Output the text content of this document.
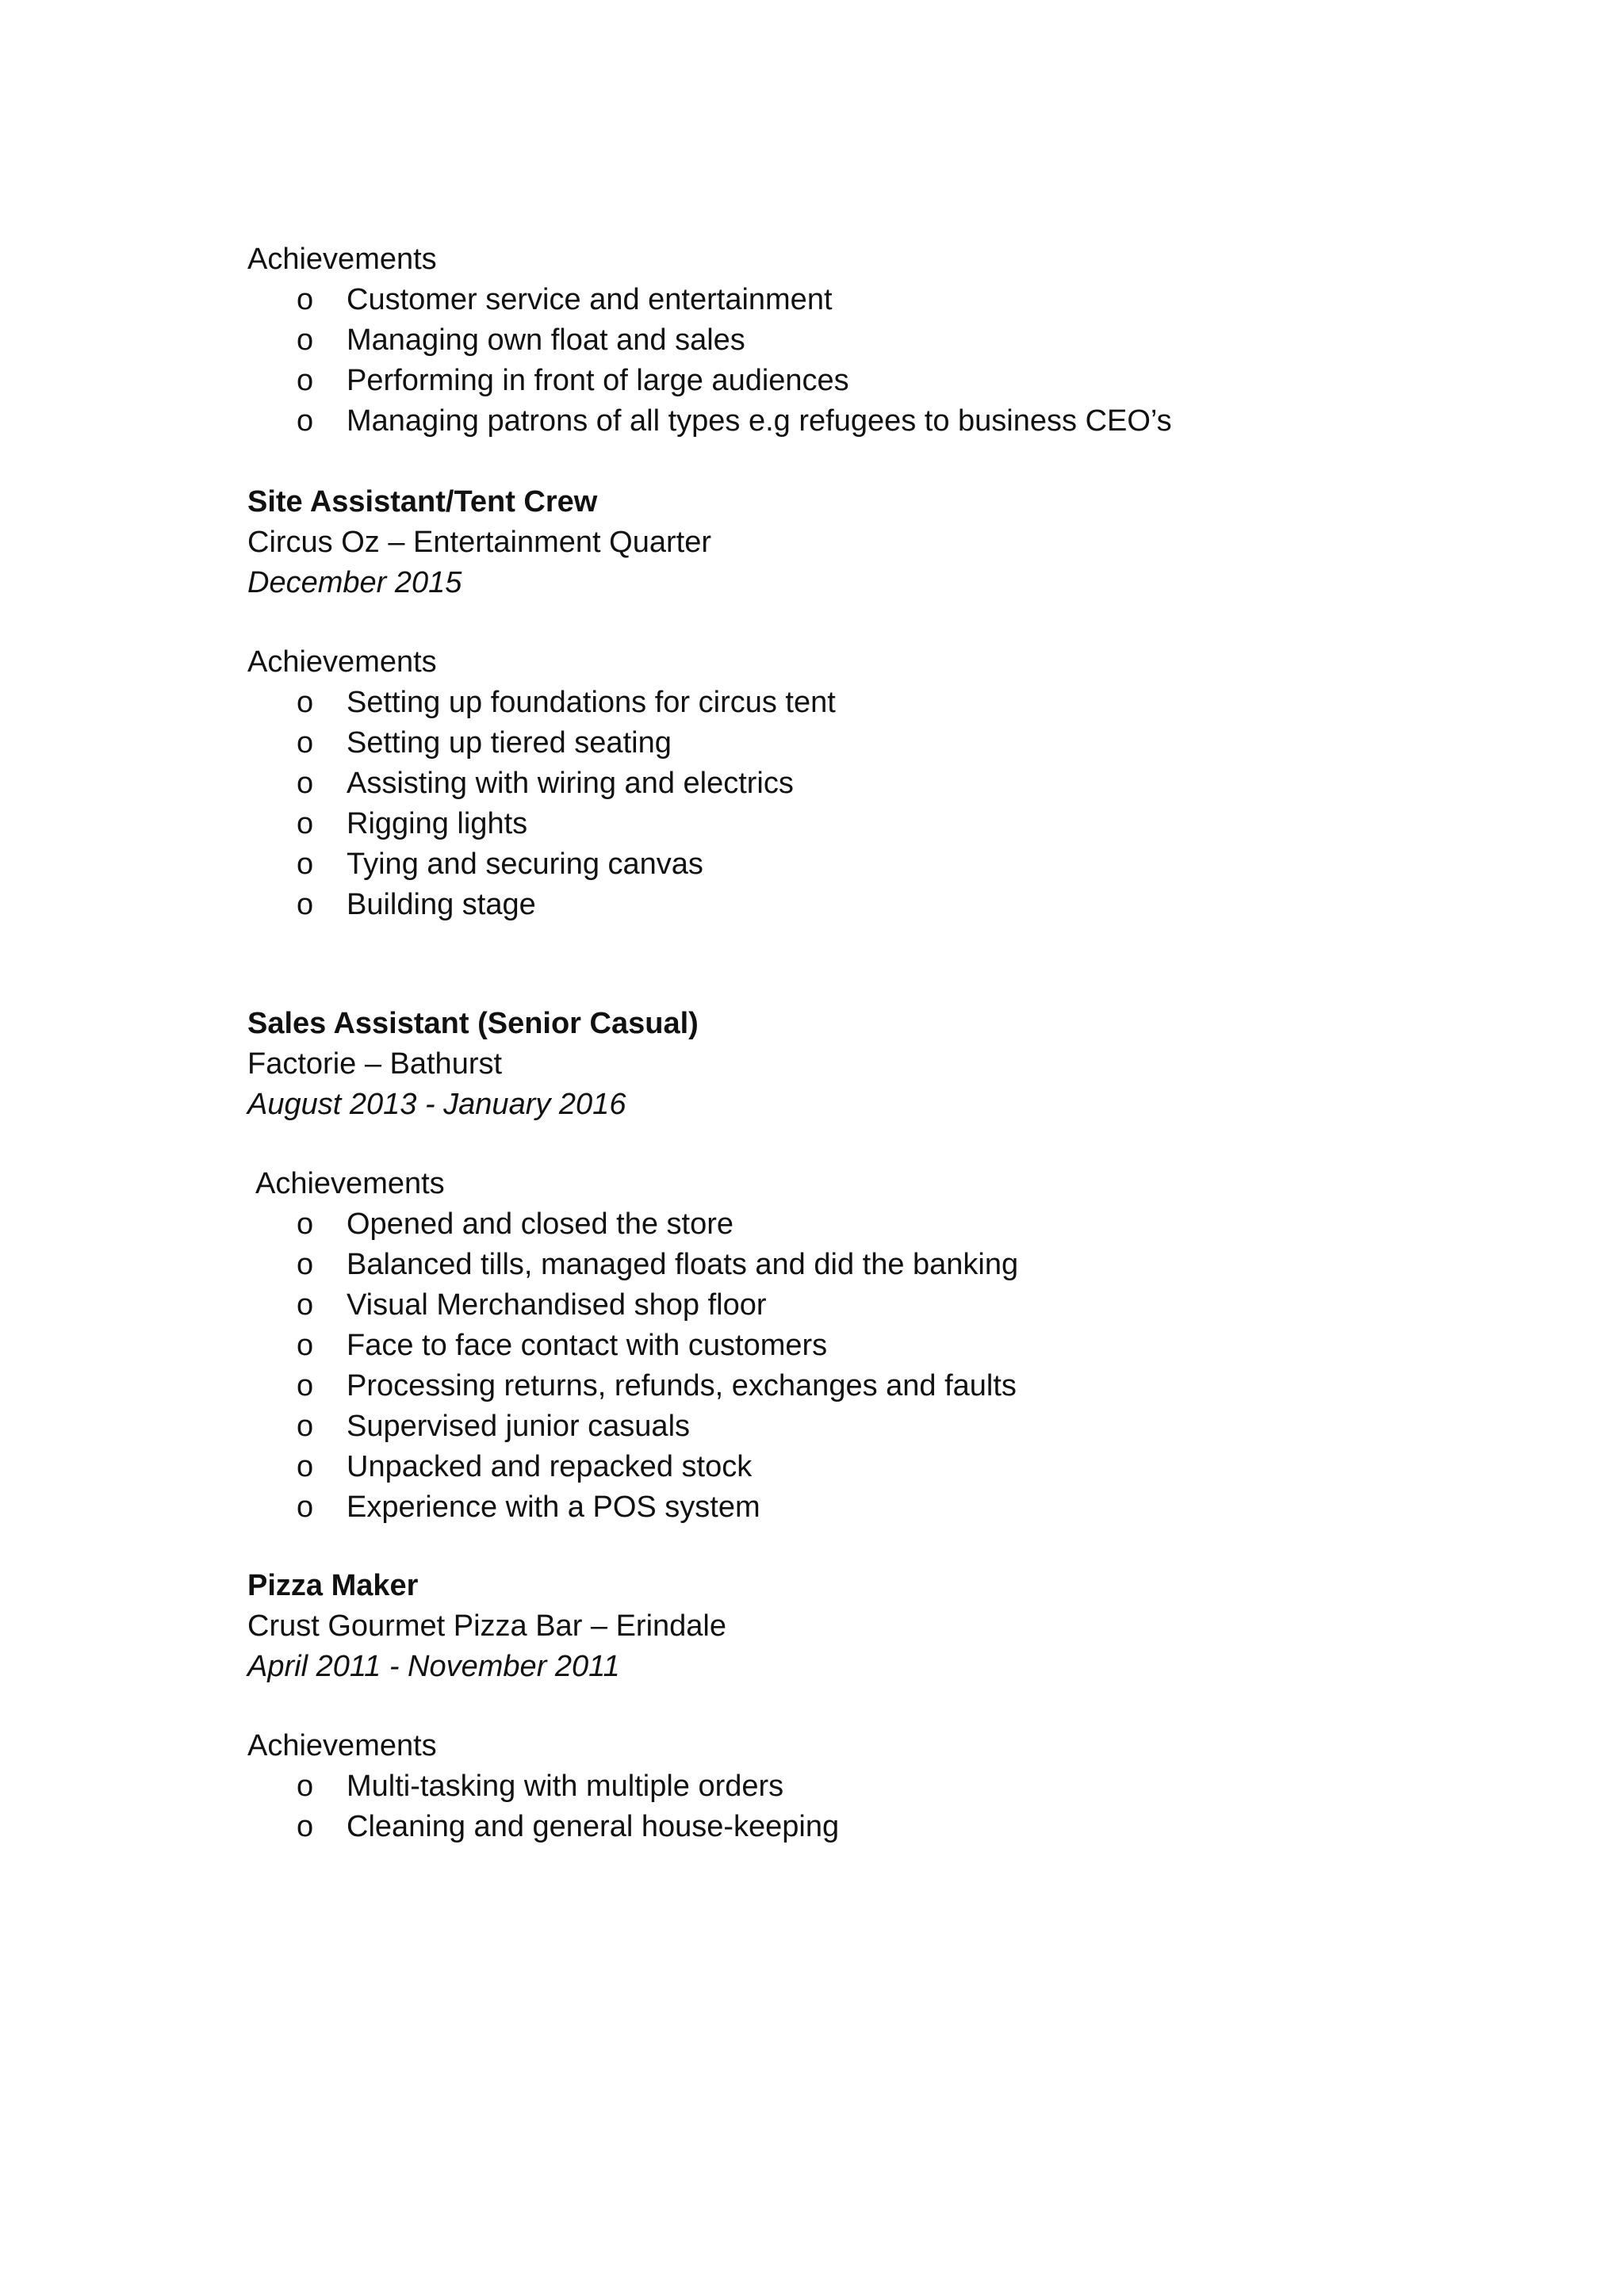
Achievements
o Customer service and entertainment
o Managing own float and sales
o Performing in front of large audiences
o Managing patrons of all types e.g refugees to business CEO’s
Site Assistant/Tent Crew
Circus Oz – Entertainment Quarter
December 2015
Achievements
o Setting up foundations for circus tent
o Setting up tiered seating
o Assisting with wiring and electrics
o Rigging lights
o Tying and securing canvas
o Building stage
Sales Assistant (Senior Casual)
Factorie – Bathurst
August 2013 - January 2016
Achievements
o Opened and closed the store
o Balanced tills, managed floats and did the banking
o Visual Merchandised shop floor
o Face to face contact with customers
o Processing returns, refunds, exchanges and faults
o Supervised junior casuals
o Unpacked and repacked stock
o Experience with a POS system
Pizza Maker
Crust Gourmet Pizza Bar – Erindale
April 2011 - November 2011
Achievements
o Multi-tasking with multiple orders
o Cleaning and general house-keeping
